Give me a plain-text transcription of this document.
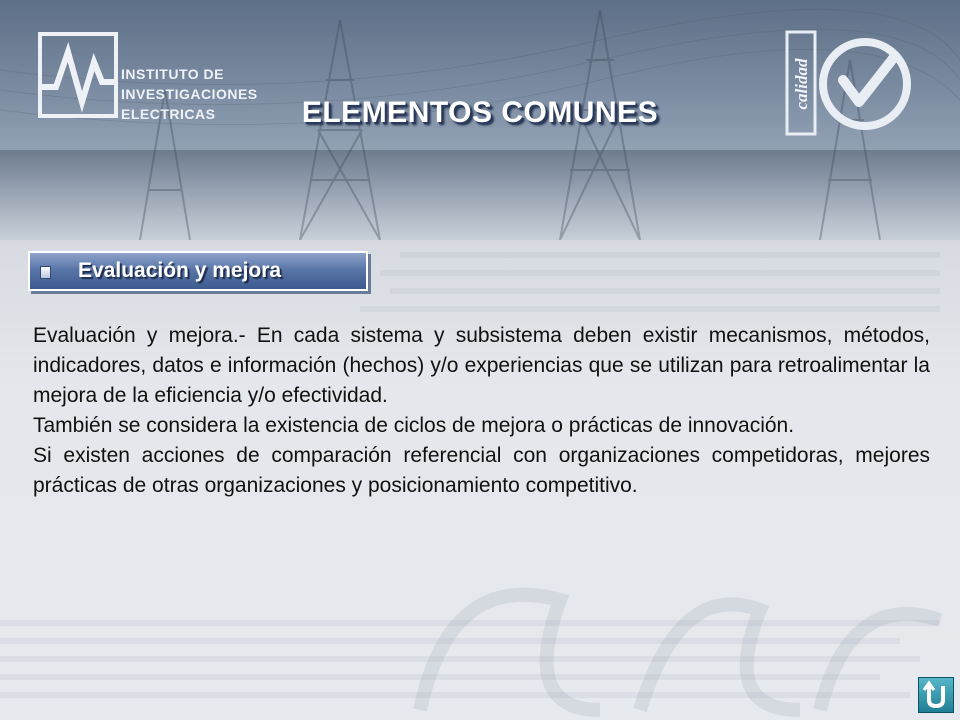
INSTITUTO DE
INVESTIGACIONES
ELECTRICAS
calidad
ELEMENTOS COMUNES

Evaluación y mejora

Evaluación y mejora.- En cada sistema y subsistema deben existir mecanismos, métodos, indicadores, datos e información (hechos) y/o experiencias que se utilizan para retroalimentar la mejora de la eficiencia y/o efectividad.

También se considera la existencia de ciclos de mejora o prácticas de innovación.

Si existen acciones de comparación referencial con organizaciones competidoras, mejores prácticas de otras organizaciones y posicionamiento competitivo.
